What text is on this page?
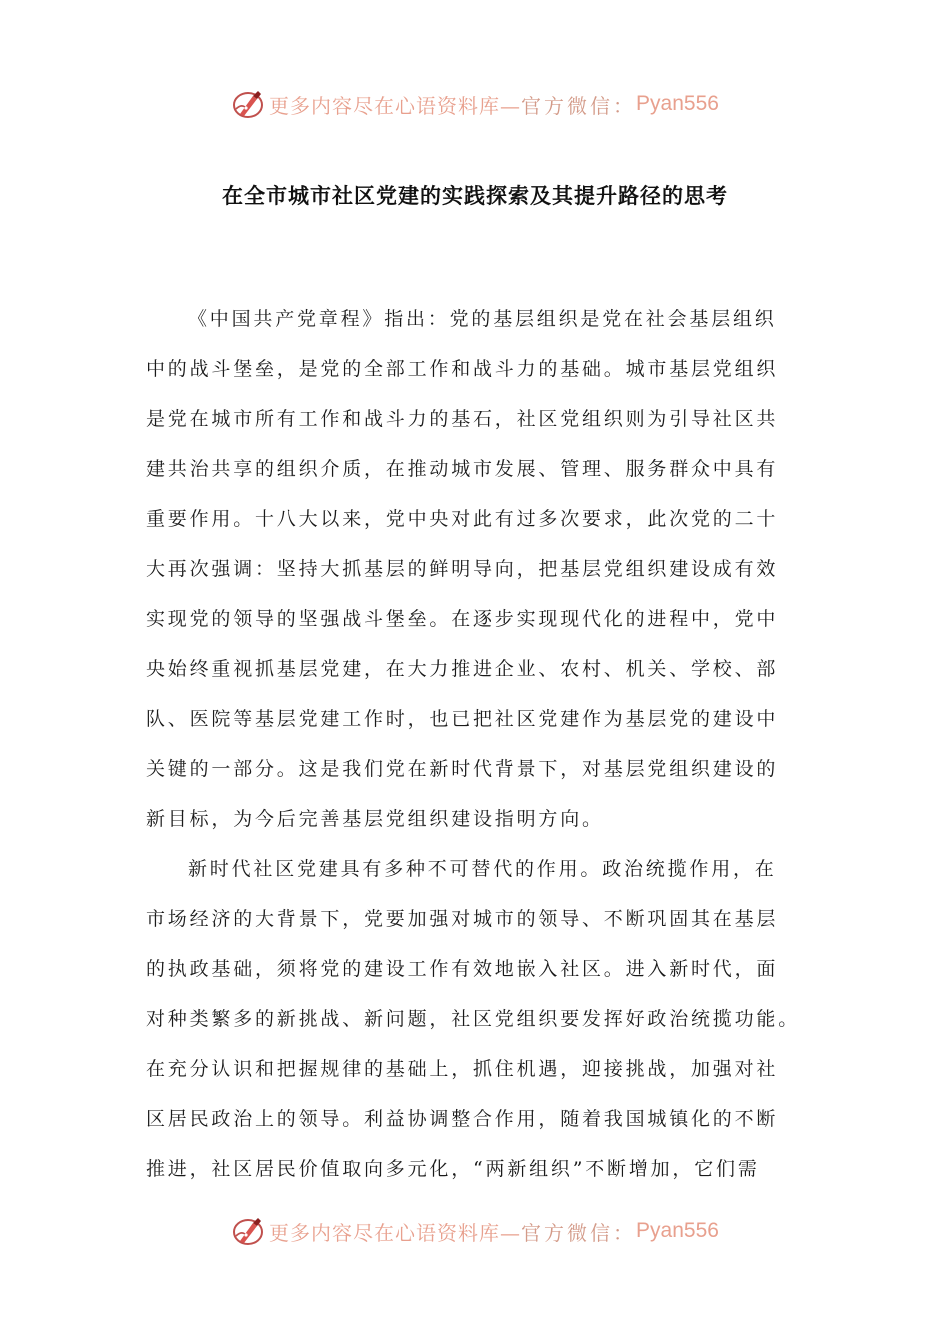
更多内容尽在心语资料库— 官方微信： Pyan556
在全市城市社区党建的实践探索及其提升路径的思考
《中国共产党章程》指出：党的基层组织是党在社会基层组织
中的战斗堡垒，是党的全部工作和战斗力的基础。城市基层党组织
是党在城市所有工作和战斗力的基石，社区党组织则为引导社区共
建共治共享的组织介质，在推动城市发展、管理、服务群众中具有
重要作用。十八大以来，党中央对此有过多次要求，此次党的二十
大再次强调：坚持大抓基层的鲜明导向，把基层党组织建设成有效
实现党的领导的坚强战斗堡垒。在逐步实现现代化的进程中，党中
央始终重视抓基层党建，在大力推进企业、农村、机关、学校、部
队、医院等基层党建工作时，也已把社区党建作为基层党的建设中
关键的一部分。这是我们党在新时代背景下，对基层党组织建设的
新目标，为今后完善基层党组织建设指明方向。
新时代社区党建具有多种不可替代的作用。政治统揽作用，在
市场经济的大背景下，党要加强对城市的领导、不断巩固其在基层
的执政基础，须将党的建设工作有效地嵌入社区。进入新时代，面
对种类繁多的新挑战、新问题，社区党组织要发挥好政治统揽功能。
在充分认识和把握规律的基础上，抓住机遇，迎接挑战，加强对社
区居民政治上的领导。利益协调整合作用，随着我国城镇化的不断
推进，社区居民价值取向多元化，“两新组织”不断增加，它们需
更多内容尽在心语资料库— 官方微信： Pyan556
